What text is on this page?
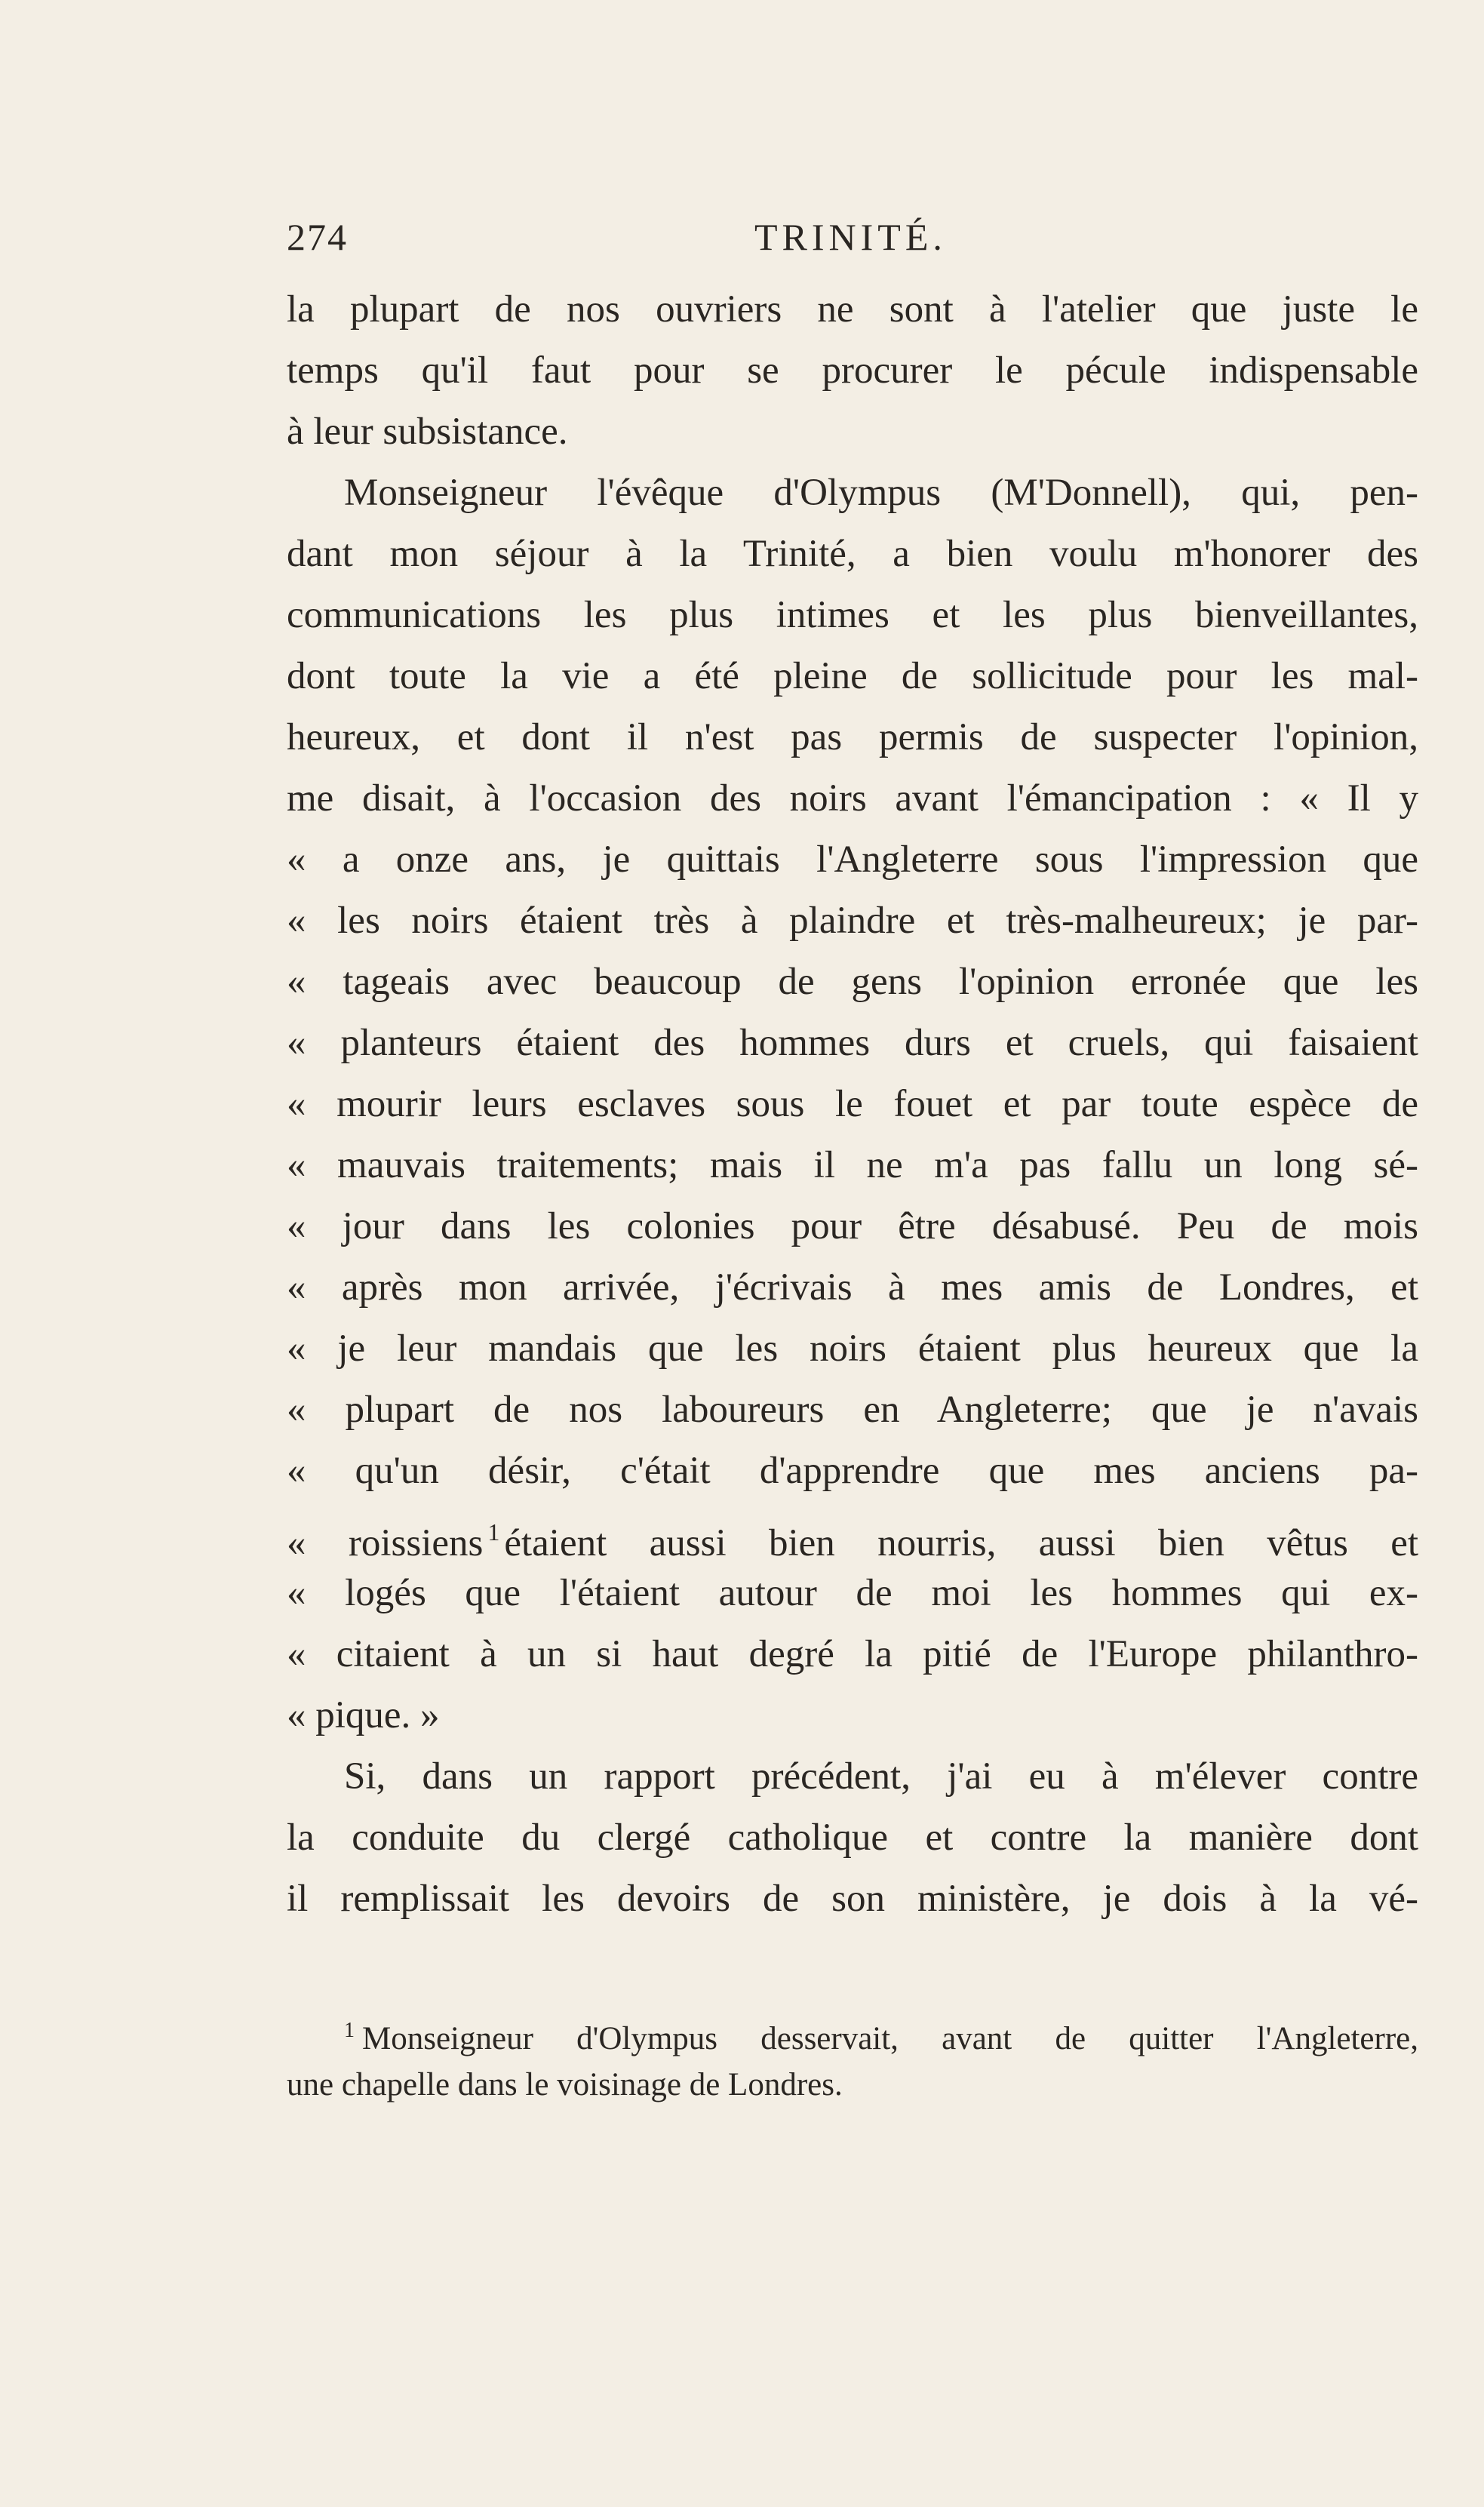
274	TRINITÉ.
la plupart de nos ouvriers ne sont à l'atelier que juste le
temps qu'il faut pour se procurer le pécule indispensable
à leur subsistance.
Monseigneur l'évêque d'Olympus (M'Donnell), qui, pen-
dant mon séjour à la Trinité, a bien voulu m'honorer des
communications les plus intimes et les plus bienveillantes,
dont toute la vie a été pleine de sollicitude pour les mal-
heureux, et dont il n'est pas permis de suspecter l'opinion,
me disait, à l'occasion des noirs avant l'émancipation : « Il y
« a onze ans, je quittais l'Angleterre sous l'impression que
« les noirs étaient très à plaindre et très-malheureux; je par-
« tageais avec beaucoup de gens l'opinion erronée que les
« planteurs étaient des hommes durs et cruels, qui faisaient
« mourir leurs esclaves sous le fouet et par toute espèce de
« mauvais traitements; mais il ne m'a pas fallu un long sé-
« jour dans les colonies pour être désabusé. Peu de mois
« après mon arrivée, j'écrivais à mes amis de Londres, et
« je leur mandais que les noirs étaient plus heureux que la
« plupart de nos laboureurs en Angleterre; que je n'avais
« qu'un désir, c'était d'apprendre que mes anciens pa-
« roissiens $^1$ étaient aussi bien nourris, aussi bien vêtus et
« logés que l'étaient autour de moi les hommes qui ex-
« citaient à un si haut degré la pitié de l'Europe philanthro-
« pique. »
Si, dans un rapport précédent, j'ai eu à m'élever contre
la conduite du clergé catholique et contre la manière dont
il remplissait les devoirs de son ministère, je dois à la vé-
$^1$ Monseigneur d'Olympus desservait, avant de quitter l'Angleterre,
une chapelle dans le voisinage de Londres.
